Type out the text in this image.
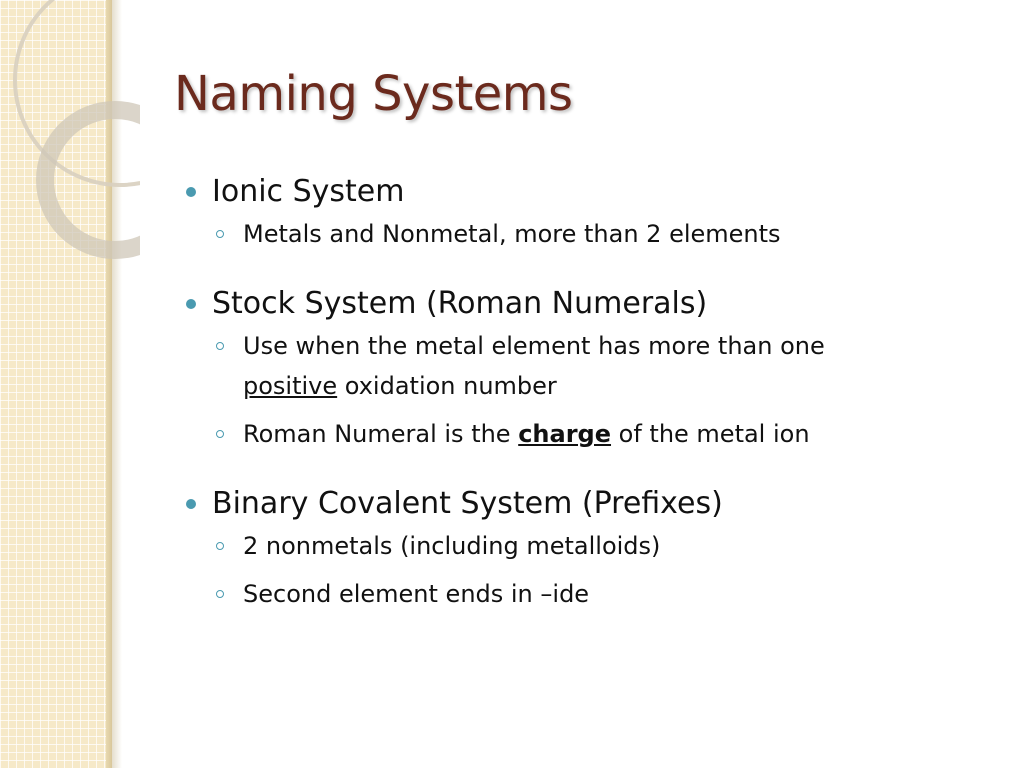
Naming Systems

Ionic System

Metals and Nonmetal, more than 2 elements

Stock System (Roman Numerals)

Use when the metal element has more than one
positive oxidation number

Roman Numeral is the charge of the metal ion

Binary Covalent System (Prefixes)

2 nonmetals (including metalloids)

Second element ends in –ide
